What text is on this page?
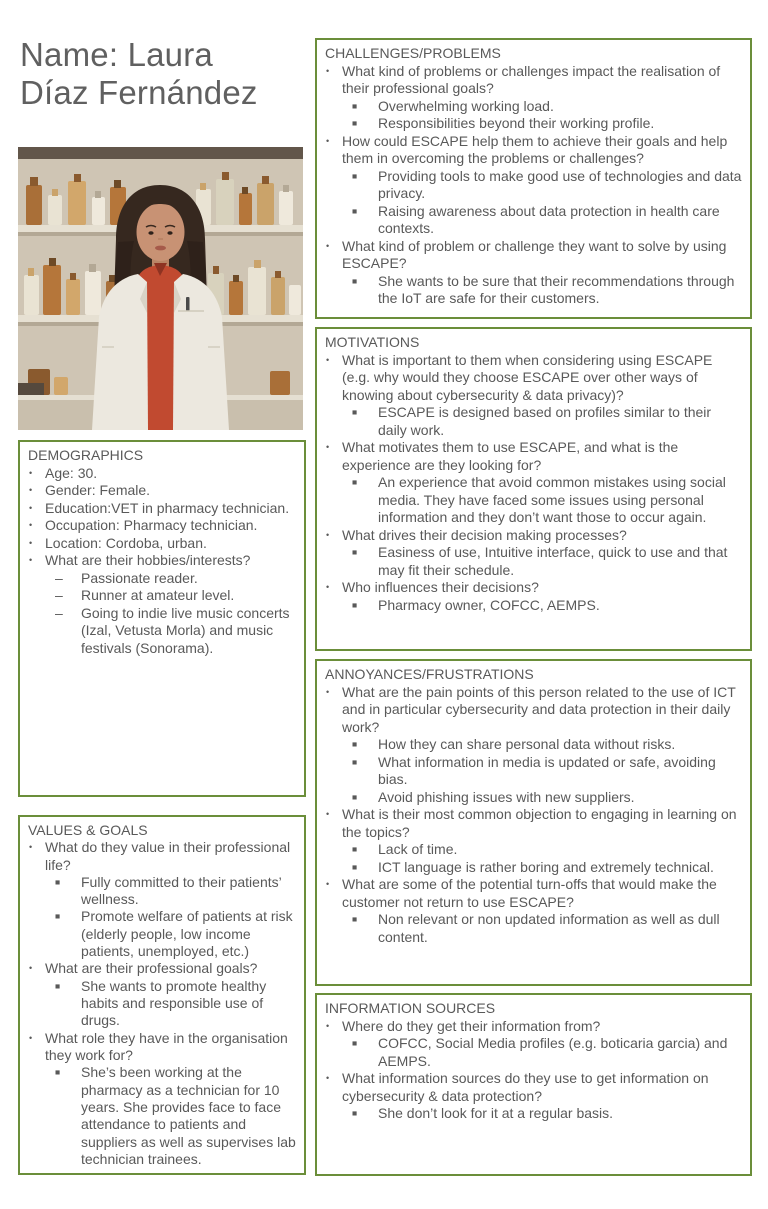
Name: Laura Díaz Fernández
DEMOGRAPHICS
• Age: 30.
• Gender: Female.
• Education:VET in pharmacy technician.
• Occupation: Pharmacy technician.
• Location: Cordoba, urban.
• What are their hobbies/interests?
–	Passionate reader.
–	Runner at amateur level.
–	Going to indie live music concerts (Izal, Vetusta Morla) and music festivals (Sonorama).
VALUES & GOALS
• What do they value in their professional life?
■	Fully committed to their patients’ wellness.
■	Promote welfare of patients at risk (elderly people, low income patients, unemployed, etc.)
• What are their professional goals?
■	She wants to promote healthy habits and responsible use of drugs.
• What role they have in the organisation they work for?
■	She’s been working at the pharmacy as a technician for 10 years. She provides face to face attendance to patients and suppliers as well as supervises lab technician trainees.
CHALLENGES/PROBLEMS
• What kind of problems or challenges impact the realisation of their professional goals?
■	Overwhelming working load.
■	Responsibilities beyond their working profile.
• How could ESCAPE help them to achieve their goals and help them in overcoming the problems or challenges?
■	Providing tools to make good use of technologies and data privacy.
■	Raising awareness about data protection in health care contexts.
• What kind of problem or challenge they want to solve by using ESCAPE?
■	She wants to be sure that their recommendations through the IoT are safe for their customers.
MOTIVATIONS
• What is important to them when considering using ESCAPE (e.g. why would they choose ESCAPE over other ways of knowing about cybersecurity & data privacy)?
■	ESCAPE is designed based on profiles similar to their daily work.
• What motivates them to use ESCAPE, and what is the experience are they looking for?
■	An experience that avoid common mistakes using social media. They have faced some issues using personal information and they don’t want those to occur again.
• What drives their decision making processes?
■	Easiness of use, Intuitive interface, quick to use and that may fit their schedule.
• Who influences their decisions?
■	Pharmacy owner, COFCC, AEMPS.
ANNOYANCES/FRUSTRATIONS
• What are the pain points of this person related to the use of ICT and in particular cybersecurity and data protection in their daily work?
■	How they can share personal data without risks.
■	What information in media is updated or safe, avoiding bias.
■	Avoid phishing issues with new suppliers.
• What is their most common objection to engaging in learning on the topics?
■	Lack of time.
■	ICT language is rather boring and extremely technical.
• What are some of the potential turn-offs that would make the customer not return to use ESCAPE?
■	Non relevant or non updated information as well as dull content.
INFORMATION SOURCES
• Where do they get their information from?
■	COFCC, Social Media profiles (e.g. boticaria garcia) and AEMPS.
• What information sources do they use to get information on cybersecurity & data protection?
■	She don’t look for it at a regular basis.
